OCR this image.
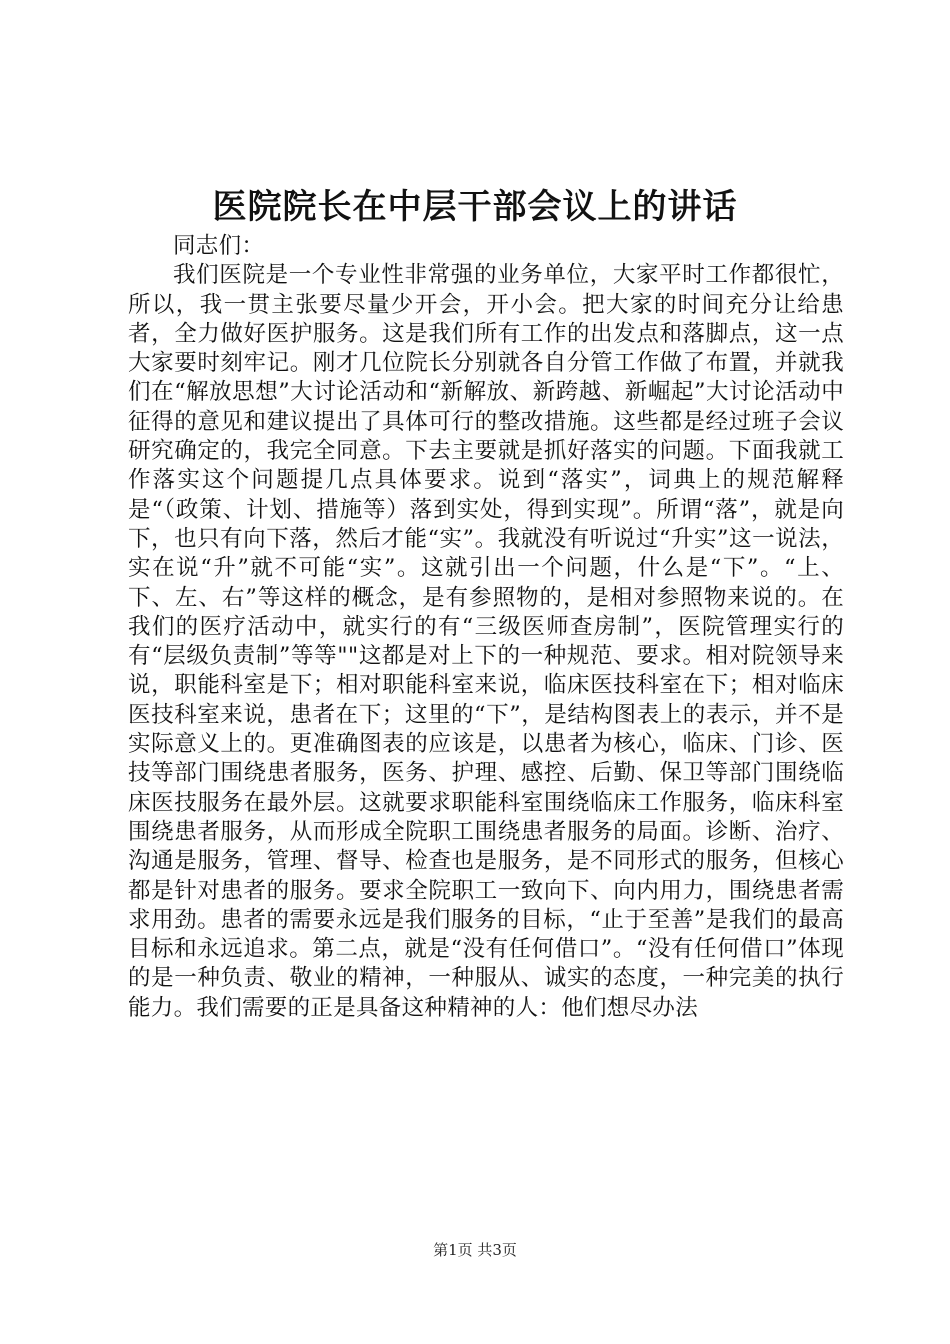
医院院长在中层干部会议上的讲话

同志们：

我们医院是一个专业性非常强的业务单位，大家平时工作都很忙，所以，我一贯主张要尽量少开会，开小会。把大家的时间充分让给患者，全力做好医护服务。这是我们所有工作的出发点和落脚点，这一点大家要时刻牢记。刚才几位院长分别就各自分管工作做了布置，并就我们在“解放思想”大讨论活动和“新解放、新跨越、新崛起”大讨论活动中征得的意见和建议提出了具体可行的整改措施。这些都是经过班子会议研究确定的，我完全同意。下去主要就是抓好落实的问题。下面我就工作落实这个问题提几点具体要求。说到“落实”，词典上的规范解释是“（政策、计划、措施等）落到实处，得到实现”。所谓“落”，就是向下，也只有向下落，然后才能“实”。我就没有听说过“升实”这一说法，实在说“升”就不可能“实”。这就引出一个问题，什么是“下”。“上、下、左、右”等这样的概念，是有参照物的，是相对参照物来说的。在我们的医疗活动中，就实行的有“三级医师查房制”，医院管理实行的有“层级负责制”等等""这都是对上下的一种规范、要求。相对院领导来说，职能科室是下；相对职能科室来说，临床医技科室在下；相对临床医技科室来说，患者在下；这里的“下”，是结构图表上的表示，并不是实际意义上的。更准确图表的应该是，以患者为核心，临床、门诊、医技等部门围绕患者服务，医务、护理、感控、后勤、保卫等部门围绕临床医技服务在最外层。这就要求职能科室围绕临床工作服务，临床科室围绕患者服务，从而形成全院职工围绕患者服务的局面。诊断、治疗、沟通是服务，管理、督导、检查也是服务，是不同形式的服务，但核心都是针对患者的服务。要求全院职工一致向下、向内用力，围绕患者需求用劲。患者的需要永远是我们服务的目标，“止于至善”是我们的最高目标和永远追求。第二点，就是“没有任何借口”。“没有任何借口”体现的是一种负责、敬业的精神，一种服从、诚实的态度，一种完美的执行能力。我们需要的正是具备这种精神的人：他们想尽办法

第1页 共3页
